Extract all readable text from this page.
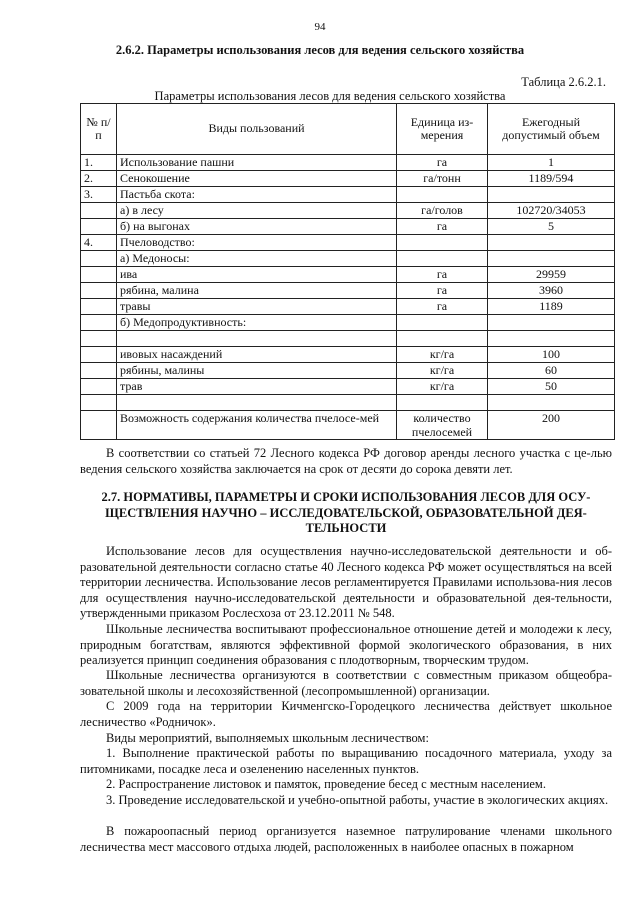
94
2.6.2. Параметры использования лесов для ведения сельского хозяйства
Таблица 2.6.2.1.
Параметры использования лесов для ведения сельского хозяйства
№ п/п	Виды пользований	Единица из-мерения	Ежегодный допустимый объем
1.	Использование пашни	га	1
2.	Сенокошение	га/тонн	1189/594
3.	Пастьба скота:		
	а) в лесу	га/голов	102720/34053
	б) на выгонах	га	5
4.	Пчеловодство:		
	а) Медоносы:		
	ива	га	29959
	рябина, малина	га	3960
	травы	га	1189
	б) Медопродуктивность:		

	ивовых насаждений	кг/га	100
	рябины, малины	кг/га	60
	трав	кг/га	50

	Возможность содержания количества пчелосе-мей	количество пчелосемей	200

В соответствии со статьей 72 Лесного кодекса РФ договор аренды лесного участка с це-лью ведения сельского хозяйства заключается на срок от десяти до сорока девяти лет.

2.7. НОРМАТИВЫ, ПАРАМЕТРЫ И СРОКИ ИСПОЛЬЗОВАНИЯ ЛЕСОВ ДЛЯ ОСУ-ЩЕСТВЛЕНИЯ НАУЧНО – ИССЛЕДОВАТЕЛЬСКОЙ, ОБРАЗОВАТЕЛЬНОЙ ДЕЯ-ТЕЛЬНОСТИ

Использование лесов для осуществления научно-исследовательской деятельности и об-разовательной деятельности согласно статье 40 Лесного кодекса РФ может осуществляться на всей территории лесничества. Использование лесов регламентируется Правилами использова-ния лесов для осуществления научно-исследовательской деятельности и образовательной дея-тельности, утвержденными приказом Рослесхоза от 23.12.2011 № 548.

Школьные лесничества воспитывают профессиональное отношение детей и молодежи к лесу, природным богатствам, являются эффективной формой экологического образования, в них реализуется принцип соединения образования с плодотворным, творческим трудом.

Школьные лесничества организуются в соответствии с совместным приказом общеобра-зовательной школы и лесохозяйственной (лесопромышленной) организации.

С 2009 года на территории Кичменгско-Городецкого лесничества действует школьное лесничество «Родничок».

Виды мероприятий, выполняемых школьным лесничеством:

1. Выполнение практической работы по выращиванию посадочного материала, уходу за питомниками, посадке леса и озеленению населенных пунктов.

2. Распространение листовок и памяток, проведение бесед с местным населением.

3. Проведение исследовательской и учебно-опытной работы, участие в экологических акциях.

В пожароопасный период организуется наземное патрулирование членами школьного лесничества мест массового отдыха людей, расположенных в наиболее опасных в пожарном
